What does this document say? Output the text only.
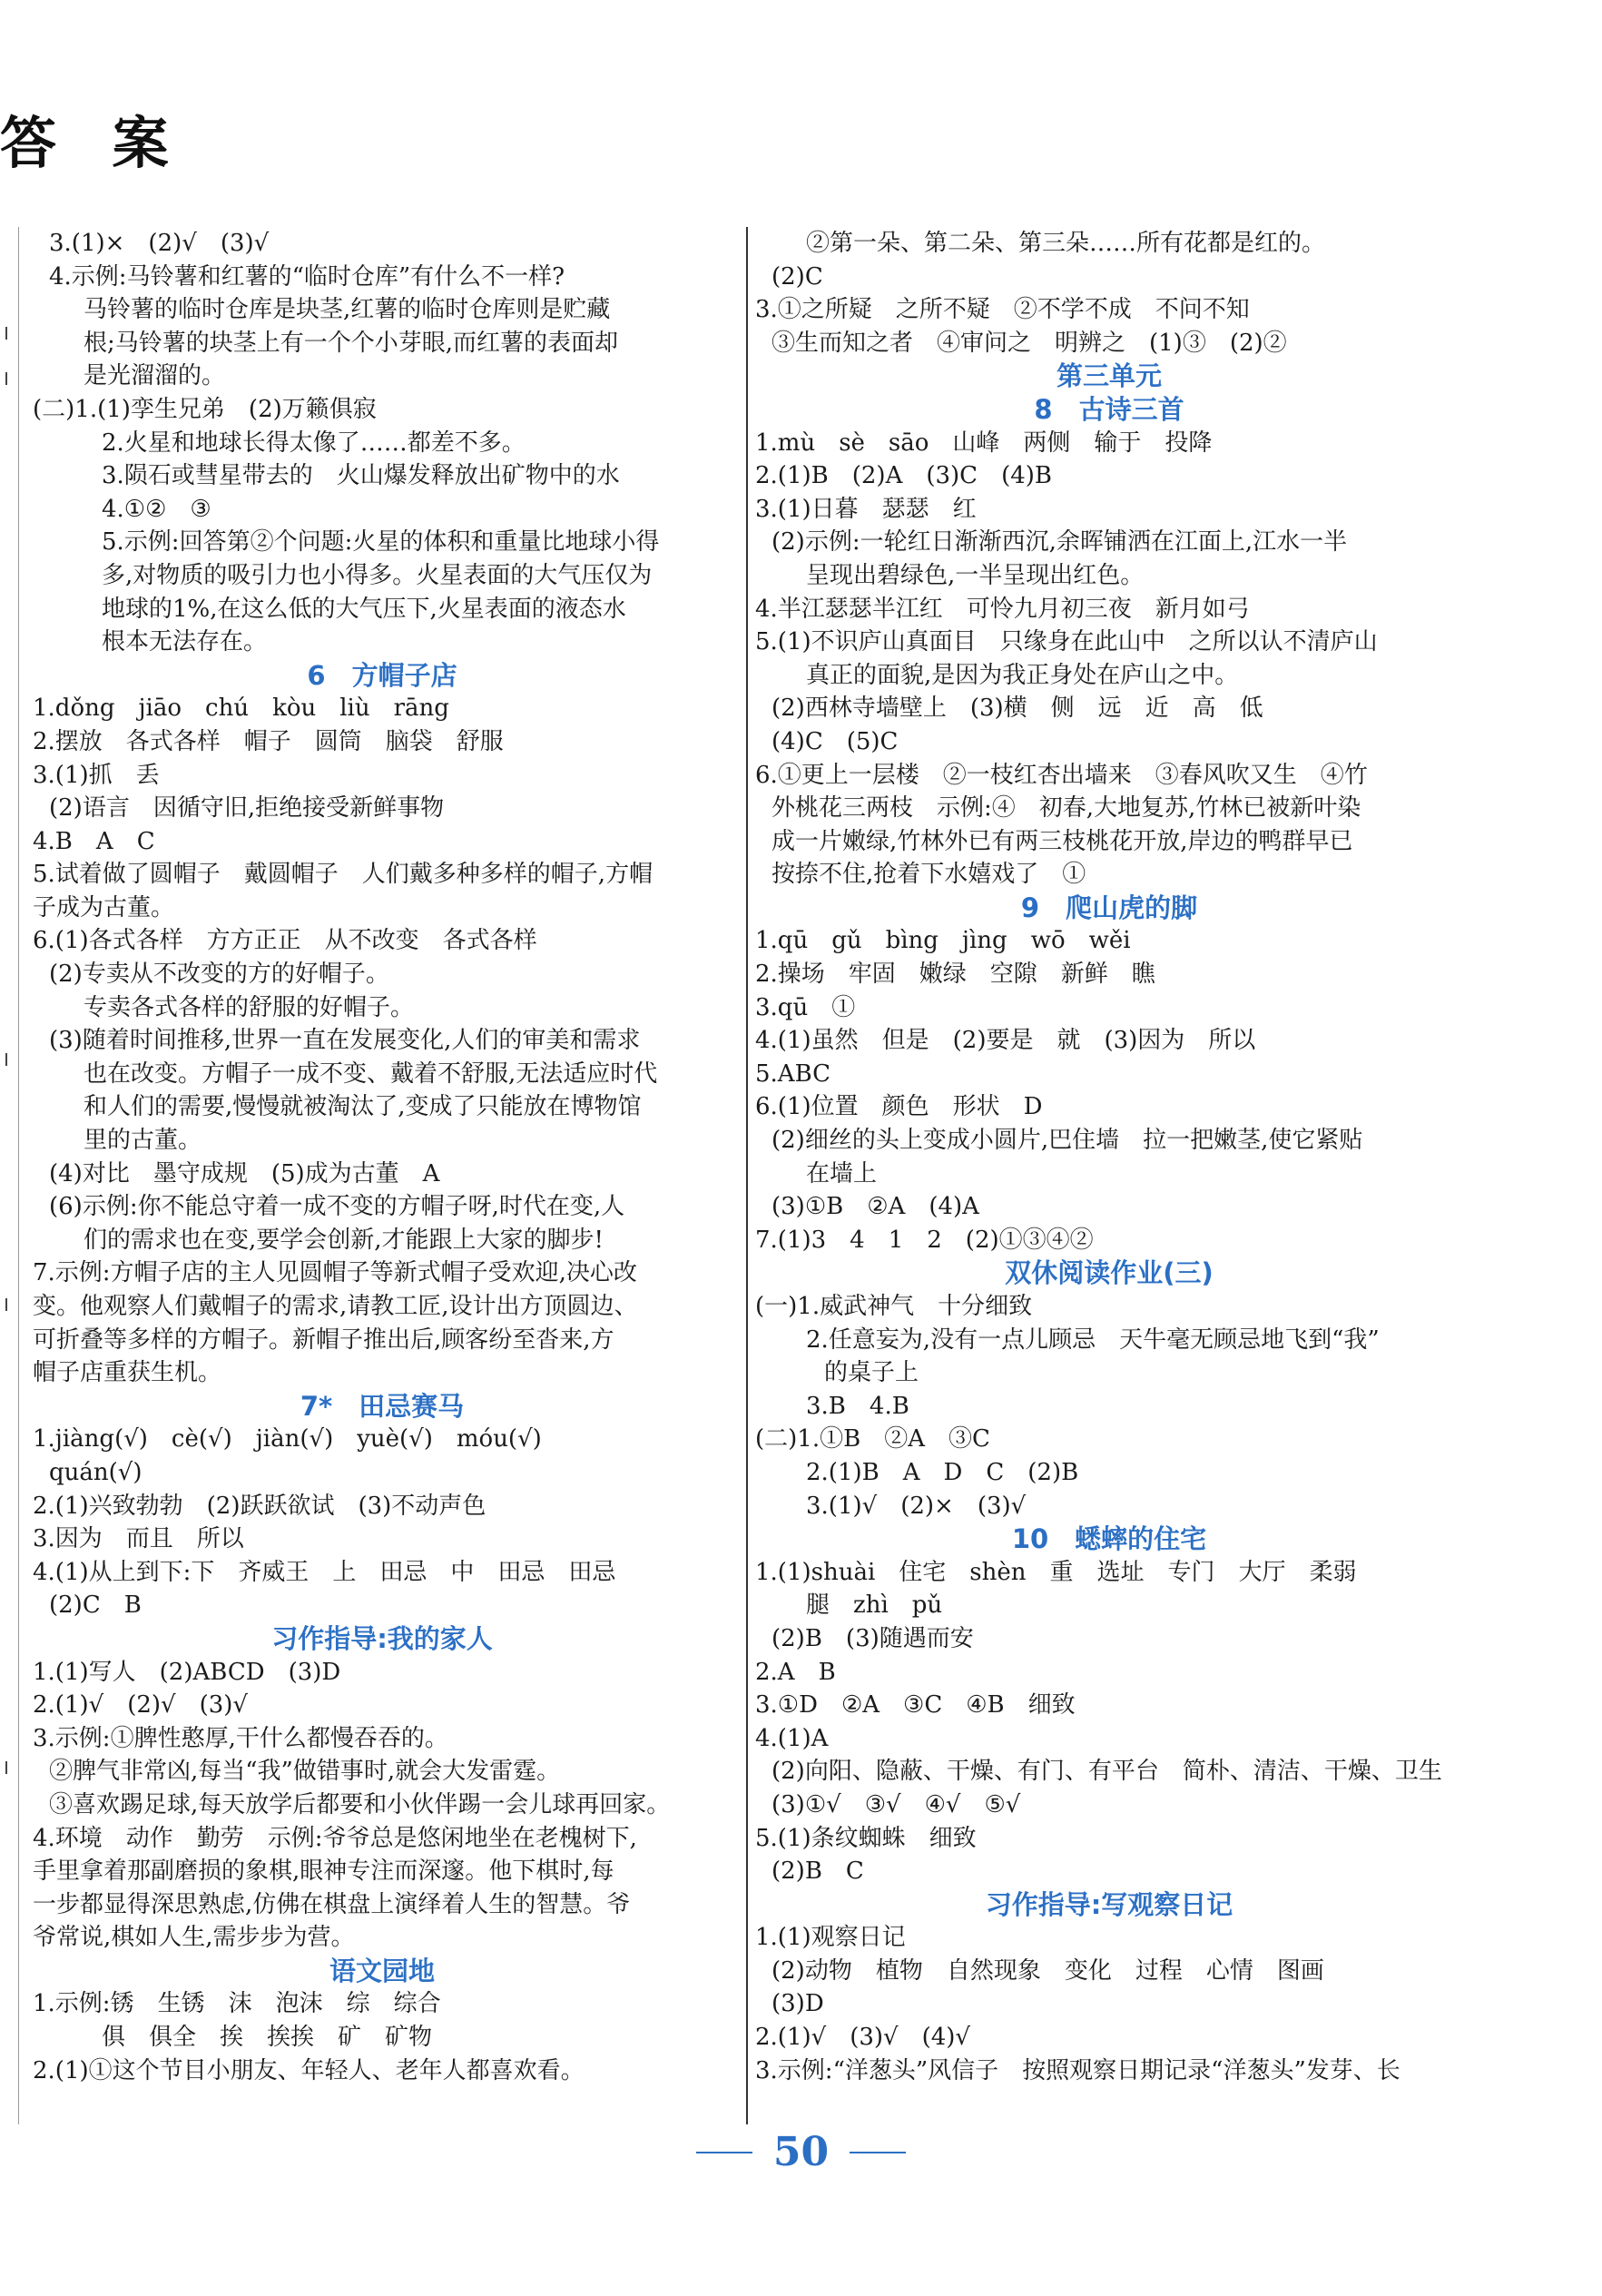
答 案
3.(1)×　(2)√　(3)√
4.示例:马铃薯和红薯的“临时仓库”有什么不一样?
马铃薯的临时仓库是块茎,红薯的临时仓库则是贮藏
根;马铃薯的块茎上有一个个小芽眼,而红薯的表面却
是光溜溜的。
(二)1.(1)孪生兄弟　(2)万籁俱寂
2.火星和地球长得太像了……都差不多。
3.陨石或彗星带去的　火山爆发释放出矿物中的水
4.①②　③
5.示例:回答第②个问题:火星的体积和重量比地球小得
多,对物质的吸引力也小得多。火星表面的大气压仅为
地球的1%,在这么低的大气压下,火星表面的液态水
根本无法存在。
6　方帽子店
1.dǒng　jiāo　chú　kòu　liù　rāng
2.摆放　各式各样　帽子　圆筒　脑袋　舒服
3.(1)抓　丢
(2)语言　因循守旧,拒绝接受新鲜事物
4.B　A　C
5.试着做了圆帽子　戴圆帽子　人们戴多种多样的帽子,方帽
子成为古董。
6.(1)各式各样　方方正正　从不改变　各式各样
(2)专卖从不改变的方的好帽子。
专卖各式各样的舒服的好帽子。
(3)随着时间推移,世界一直在发展变化,人们的审美和需求
也在改变。方帽子一成不变、戴着不舒服,无法适应时代
和人们的需要,慢慢就被淘汰了,变成了只能放在博物馆
里的古董。
(4)对比　墨守成规　(5)成为古董　A
(6)示例:你不能总守着一成不变的方帽子呀,时代在变,人
们的需求也在变,要学会创新,才能跟上大家的脚步!
7.示例:方帽子店的主人见圆帽子等新式帽子受欢迎,决心改
变。他观察人们戴帽子的需求,请教工匠,设计出方顶圆边、
可折叠等多样的方帽子。新帽子推出后,顾客纷至沓来,方
帽子店重获生机。
7*　田忌赛马
1.jiàng(√)　cè(√)　jiàn(√)　yuè(√)　móu(√)
quán(√)
2.(1)兴致勃勃　(2)跃跃欲试　(3)不动声色
3.因为　而且　所以
4.(1)从上到下:下　齐威王　上　田忌　中　田忌　田忌
(2)C　B
习作指导:我的家人
1.(1)写人　(2)ABCD　(3)D
2.(1)√　(2)√　(3)√
3.示例:①脾性憨厚,干什么都慢吞吞的。
②脾气非常凶,每当“我”做错事时,就会大发雷霆。
③喜欢踢足球,每天放学后都要和小伙伴踢一会儿球再回家。
4.环境　动作　勤劳　示例:爷爷总是悠闲地坐在老槐树下,
手里拿着那副磨损的象棋,眼神专注而深邃。他下棋时,每
一步都显得深思熟虑,仿佛在棋盘上演绎着人生的智慧。爷
爷常说,棋如人生,需步步为营。
语文园地
1.示例:锈　生锈　沫　泡沫　综　综合
俱　俱全　挨　挨挨　矿　矿物
2.(1)①这个节目小朋友、年轻人、老年人都喜欢看。
②第一朵、第二朵、第三朵……所有花都是红的。
(2)C
3.①之所疑　之所不疑　②不学不成　不问不知
③生而知之者　④审问之　明辨之　(1)③　(2)②
第三单元
8　古诗三首
1.mù　sè　sāo　山峰　两侧　输于　投降
2.(1)B　(2)A　(3)C　(4)B
3.(1)日暮　瑟瑟　红
(2)示例:一轮红日渐渐西沉,余晖铺洒在江面上,江水一半
呈现出碧绿色,一半呈现出红色。
4.半江瑟瑟半江红　可怜九月初三夜　新月如弓
5.(1)不识庐山真面目　只缘身在此山中　之所以认不清庐山
真正的面貌,是因为我正身处在庐山之中。
(2)西林寺墙壁上　(3)横　侧　远　近　高　低
(4)C　(5)C
6.①更上一层楼　②一枝红杏出墙来　③春风吹又生　④竹
外桃花三两枝　示例:④　初春,大地复苏,竹林已被新叶染
成一片嫩绿,竹林外已有两三枝桃花开放,岸边的鸭群早已
按捺不住,抢着下水嬉戏了　①
9　爬山虎的脚
1.qū　gǔ　bìng　jìng　wō　wěi
2.操场　牢固　嫩绿　空隙　新鲜　瞧
3.qū　①
4.(1)虽然　但是　(2)要是　就　(3)因为　所以
5.ABC
6.(1)位置　颜色　形状　D
(2)细丝的头上变成小圆片,巴住墙　拉一把嫩茎,使它紧贴
在墙上
(3)①B　②A　(4)A
7.(1)3　4　1　2　(2)①③④②
双休阅读作业(三)
(一)1.威武神气　十分细致
2.任意妄为,没有一点儿顾忌　天牛毫无顾忌地飞到“我”
的桌子上
3.B　4.B
(二)1.①B　②A　③C
2.(1)B　A　D　C　(2)B
3.(1)√　(2)×　(3)√
10　蟋蟀的住宅
1.(1)shuài　住宅　shèn　重　选址　专门　大厅　柔弱
腿　zhì　pǔ
(2)B　(3)随遇而安
2.A　B
3.①D　②A　③C　④B　细致
4.(1)A
(2)向阳、隐蔽、干燥、有门、有平台　简朴、清洁、干燥、卫生
(3)①√　③√　④√　⑤√
5.(1)条纹蜘蛛　细致
(2)B　C
习作指导:写观察日记
1.(1)观察日记
(2)动物　植物　自然现象　变化　过程　心情　图画
(3)D
2.(1)√　(3)√　(4)√
3.示例:“洋葱头”风信子　按照观察日期记录“洋葱头”发芽、长
50
